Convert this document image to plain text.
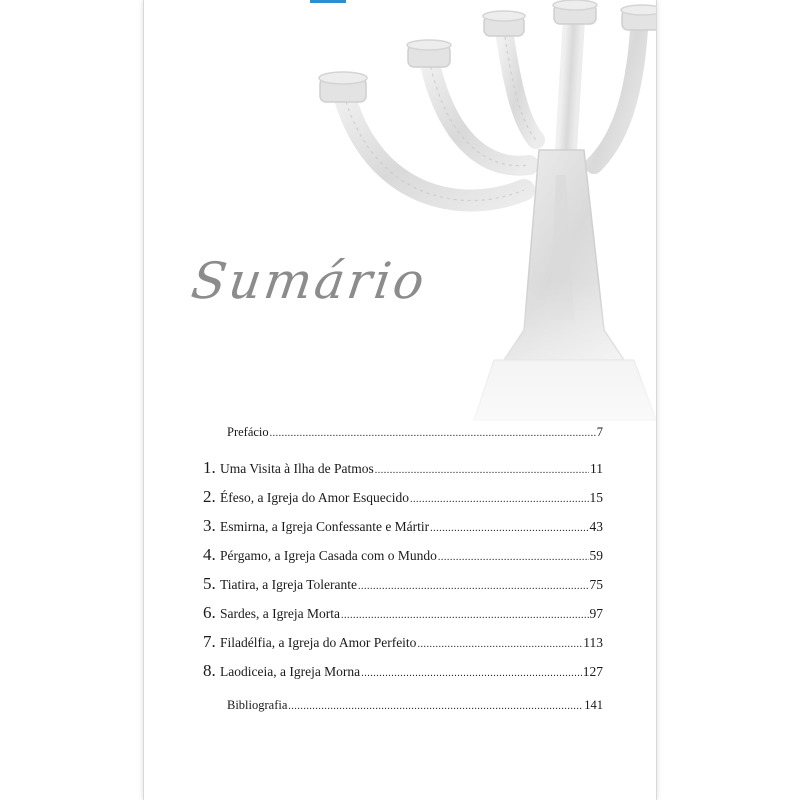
Sumário
Prefácio .....	7
1. Uma Visita à Ilha de Patmos .....	11
2. Éfeso, a Igreja do Amor Esquecido .....	15
3. Esmirna, a Igreja Confessante e Mártir .....	43
4. Pérgamo, a Igreja Casada com o Mundo .....	59
5. Tiatira, a Igreja Tolerante .....	75
6. Sardes, a Igreja Morta .....	97
7. Filadélfia, a Igreja do Amor Perfeito .....	113
8. Laodiceia, a Igreja Morna .....	127
Bibliografia .....	141
